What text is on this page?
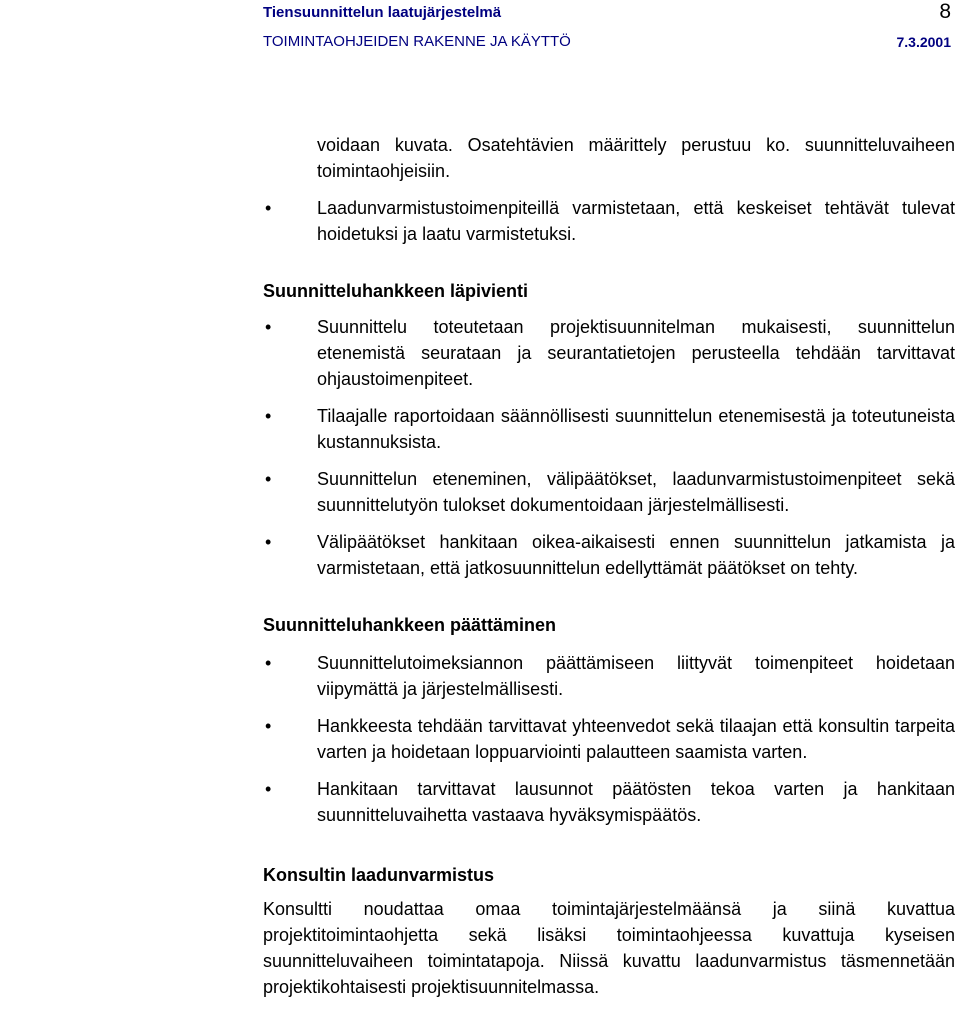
Tiensuunnittelun laatujärjestelmä
TOIMINTAOHJEIDEN RAKENNE JA KÄYTTÖ
8
7.3.2001
voidaan kuvata. Osatehtävien määrittely perustuu ko. suunnitteluvaiheen toimintaohjeisiin.
• Laadunvarmistustoimenpiteillä varmistetaan, että keskeiset tehtävät tulevat hoidetuksi ja laatu varmistetuksi.
Suunnitteluhankkeen läpivienti
• Suunnittelu toteutetaan projektisuunnitelman mukaisesti, suunnittelun etenemistä seurataan ja seurantatietojen perusteella tehdään tarvittavat ohjaustoimenpiteet.
• Tilaajalle raportoidaan säännöllisesti suunnittelun etenemisestä ja toteutuneista kustannuksista.
• Suunnittelun eteneminen, välipäätökset, laadunvarmistustoimenpiteet sekä suunnittelutyön tulokset dokumentoidaan järjestelmällisesti.
• Välipäätökset hankitaan oikea-aikaisesti ennen suunnittelun jatkamista ja varmistetaan, että jatkosuunnittelun edellyttämät päätökset on tehty.
Suunnitteluhankkeen päättäminen
• Suunnittelutoimeksiannon päättämiseen liittyvät toimenpiteet hoidetaan viipymättä ja järjestelmällisesti.
• Hankkeesta tehdään tarvittavat yhteenvedot sekä tilaajan että konsultin tarpeita varten ja hoidetaan loppuarviointi palautteen saamista varten.
• Hankitaan tarvittavat lausunnot päätösten tekoa varten ja hankitaan suunnitteluvaihetta vastaava hyväksymispäätös.
Konsultin laadunvarmistus

Konsultti noudattaa omaa toimintajärjestelmäänsä ja siinä kuvattua projektitoimintaohjetta sekä lisäksi toimintaohjeessa kuvattuja kyseisen suunnitteluvaiheen toimintatapoja. Niissä kuvattu laadunvarmistus täsmennetään projektikohtaisesti projektisuunnitelmassa.
